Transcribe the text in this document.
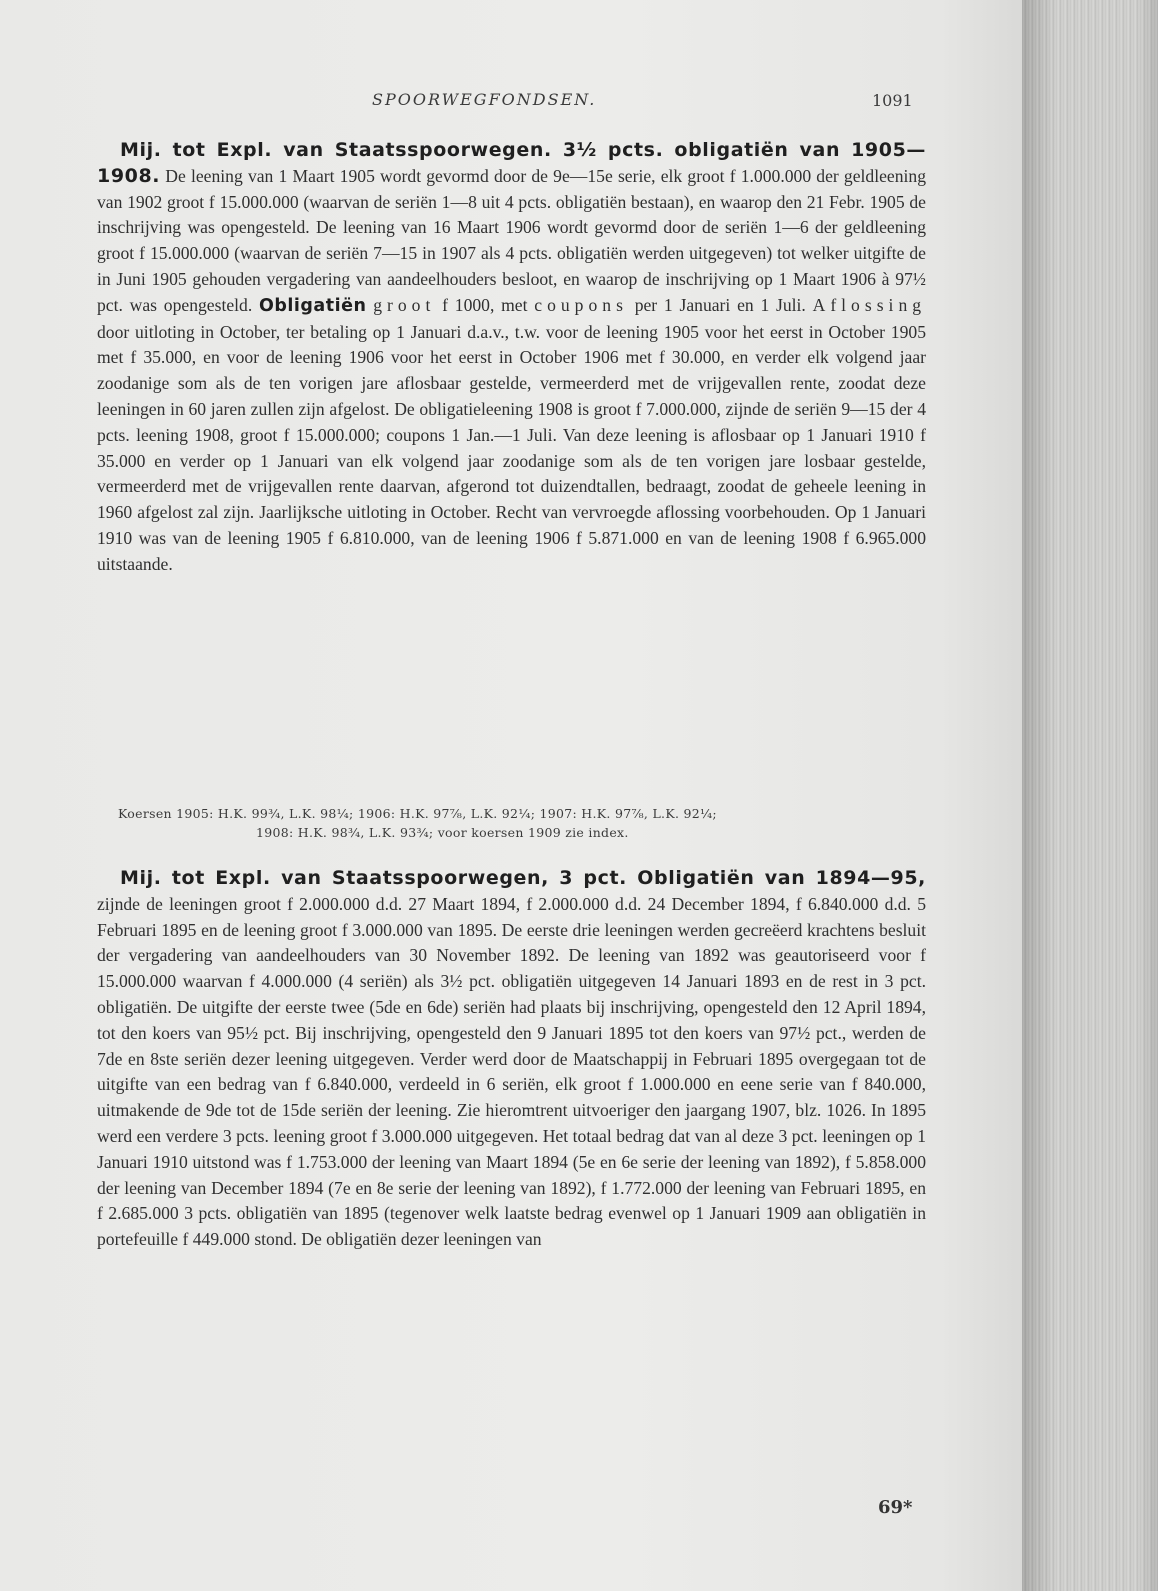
SPOORWEGFONDSEN.	1091

Mij. tot Expl. van Staatsspoorwegen. 3½ pcts. obligatiën van 1905—1908. De leening van 1 Maart 1905 wordt gevormd door de 9e—15e serie, elk groot f 1.000.000 der geldleening van 1902 groot f 15.000.000 (waarvan de seriën 1—8 uit 4 pcts. obligatiën bestaan), en waarop den 21 Febr. 1905 de inschrijving was opengesteld. De leening van 16 Maart 1906 wordt gevormd door de seriën 1—6 der geldleening groot f 15.000.000 (waarvan de seriën 7—15 in 1907 als 4 pcts. obligatiën werden uitgegeven) tot welker uitgifte de in Juni 1905 gehouden vergadering van aandeelhouders besloot, en waarop de inschrijving op 1 Maart 1906 à 97½ pct. was opengesteld. Obligatiën groot f 1000, met coupons per 1 Januari en 1 Juli. Aflossing door uitloting in October, ter betaling op 1 Januari d.a.v., t.w. voor de leening 1905 voor het eerst in October 1905 met f 35.000, en voor de leening 1906 voor het eerst in October 1906 met f 30.000, en verder elk volgend jaar zoodanige som als de ten vorigen jare aflosbaar gestelde, vermeerderd met de vrijgevallen rente, zoodat deze leeningen in 60 jaren zullen zijn afgelost. De obligatieleening 1908 is groot f 7.000.000, zijnde de seriën 9—15 der 4 pcts. leening 1908, groot f 15.000.000; coupons 1 Jan.—1 Juli. Van deze leening is aflosbaar op 1 Januari 1910 f 35.000 en verder op 1 Januari van elk volgend jaar zoodanige som als de ten vorigen jare losbaar gesteldе, vermeerderd met de vrijgevallen rente daarvan, afgerond tot duizendtallen, bedraagt, zoodat de geheele leening in 1960 afgelost zal zijn. Jaarlijksche uitloting in October. Recht van vervroegde aflossing voorbehouden. Op 1 Januari 1910 was van de leening 1905 f 6.810.000, van de leening 1906 f 5.871.000 en van de leening 1908 f 6.965.000 uitstaande.

Koersen 1905: H.K. 99¾, L.K. 98¼; 1906: H.K. 97⅞, L.K. 92¼; 1907: H.K. 97⅞, L.K. 92¼;
1908: H.K. 98¾, L.K. 93¾; voor koersen 1909 zie index.

Mij. tot Expl. van Staatsspoorwegen, 3 pct. Obligatiën van 1894—95, zijnde de leeningen groot f 2.000.000 d.d. 27 Maart 1894, f 2.000.000 d.d. 24 December 1894, f 6.840.000 d.d. 5 Februari 1895 en de leening groot f 3.000.000 van 1895. De eerste drie leeningen werden gecreëerd krachtens besluit der vergadering van aandeelhouders van 30 November 1892. De leening van 1892 was geautoriseerd voor f 15.000.000 waarvan f 4.000.000 (4 seriën) als 3½ pct. obligatiën uitgegeven 14 Januari 1893 en de rest in 3 pct. obligatiën. De uitgifte der eerste twee (5de en 6de) seriën had plaats bij inschrijving, opengesteld den 12 April 1894, tot den koers van 95½ pct. Bij inschrijving, opengesteld den 9 Januari 1895 tot den koers van 97½ pct., werden de 7de en 8ste seriën dezer leening uitgegeven. Verder werd door de Maatschappij in Februari 1895 overgegaan tot de uitgifte van een bedrag van f 6.840.000, verdeeld in 6 seriën, elk groot f 1.000.000 en eene serie van f 840.000, uitmakende de 9de tot de 15de seriën der leening. Zie hieromtrent uitvoeriger den jaargang 1907, blz. 1026. In 1895 werd een verdere 3 pcts. leening groot f 3.000.000 uitgegeven. Het totaal bedrag dat van al deze 3 pct. leeningen op 1 Januari 1910 uitstond was f 1.753.000 der leening van Maart 1894 (5e en 6e serie der leening van 1892), f 5.858.000 der leening van December 1894 (7e en 8e serie der leening van 1892), f 1.772.000 der leening van Februari 1895, en f 2.685.000 3 pcts. obligatiën van 1895 (tegenover welk laatste bedrag evenwel op 1 Januari 1909 aan obligatiën in portefeuille f 449.000 stond. De obligatiën dezer leeningen van

69*
